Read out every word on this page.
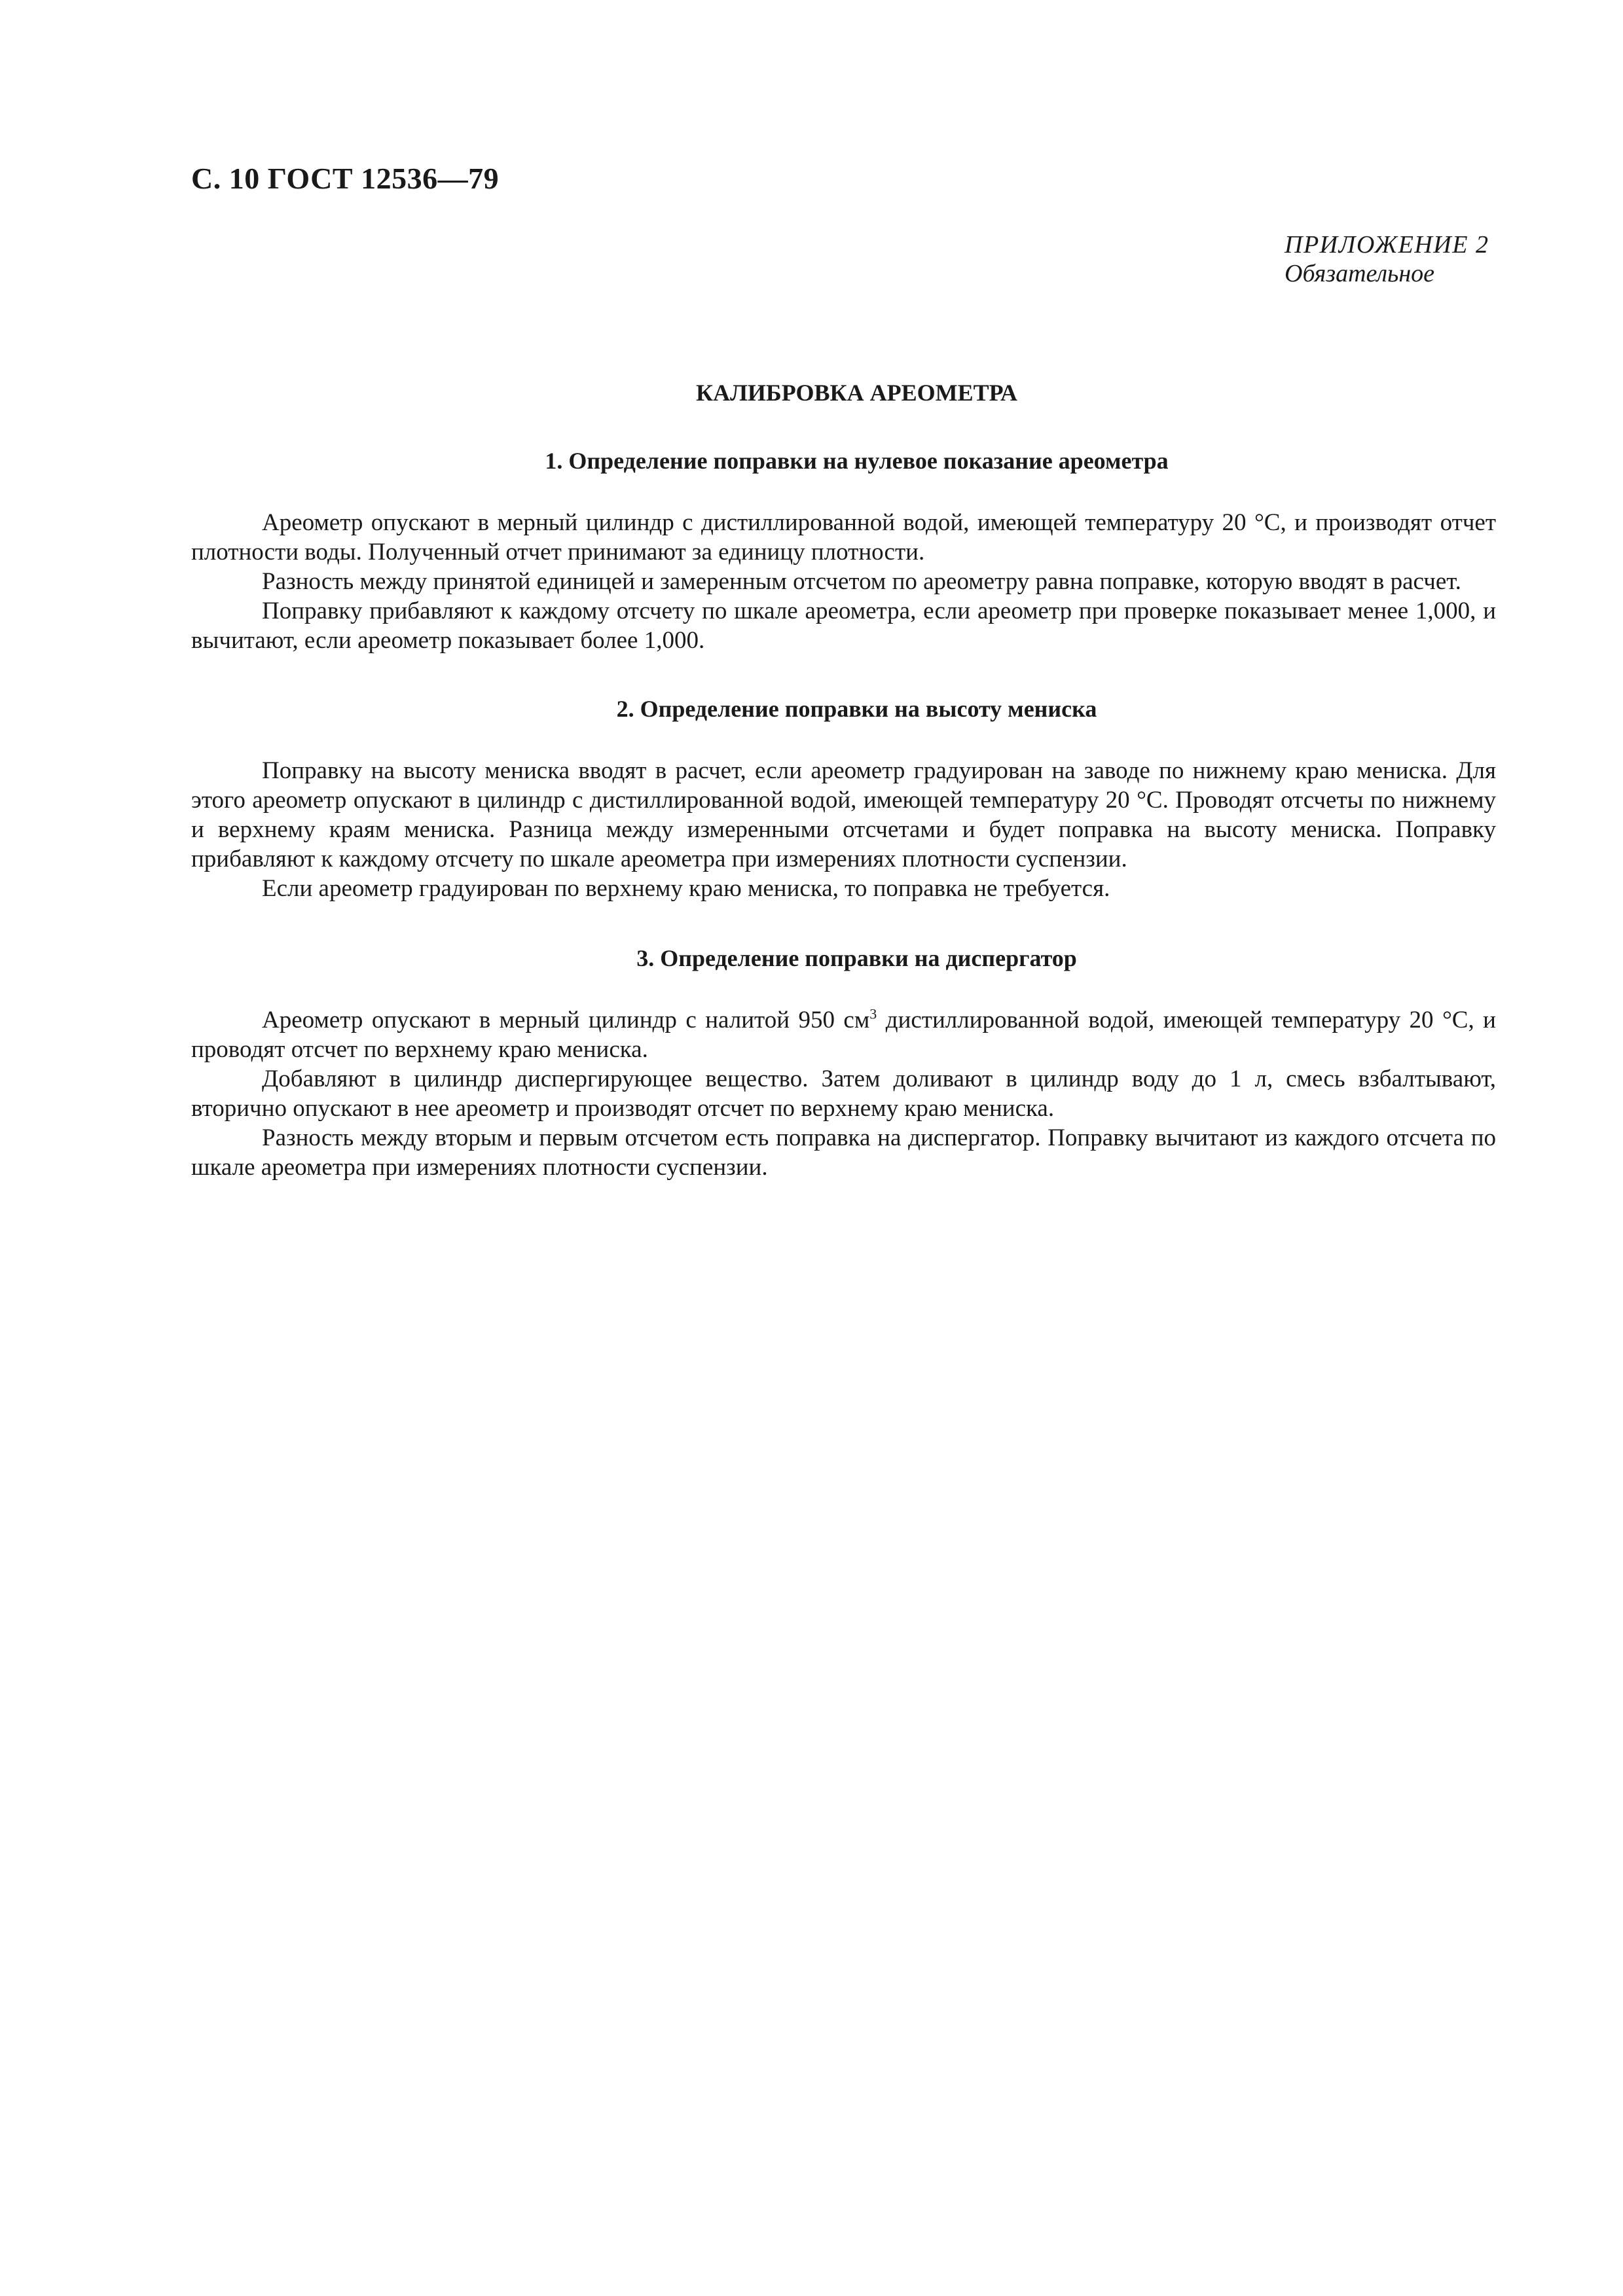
С. 10 ГОСТ 12536—79
ПРИЛОЖЕНИЕ 2
Обязательное
КАЛИБРОВКА АРЕОМЕТРА
1. Определение поправки на нулевое показание ареометра

Ареометр опускают в мерный цилиндр с дистиллированной водой, имеющей температуру 20 °С, и производят отчет плотности воды. Полученный отчет принимают за единицу плотности.

Разность между принятой единицей и замеренным отсчетом по ареометру равна поправке, которую вводят в расчет.

Поправку прибавляют к каждому отсчету по шкале ареометра, если ареометр при проверке показывает менее 1,000, и вычитают, если ареометр показывает более 1,000.

2. Определение поправки на высоту мениска

Поправку на высоту мениска вводят в расчет, если ареометр градуирован на заводе по нижнему краю мениска. Для этого ареометр опускают в цилиндр с дистиллированной водой, имеющей температуру 20 °С. Проводят отсчеты по нижнему и верхнему краям мениска. Разница между измеренными отсчетами и будет поправка на высоту мениска. Поправку прибавляют к каждому отсчету по шкале ареометра при измерениях плотности суспензии.

Если ареометр градуирован по верхнему краю мениска, то поправка не требуется.

3. Определение поправки на диспергатор

Ареометр опускают в мерный цилиндр с налитой 950 $см^3$ дистиллированной водой, имеющей температуру 20 °С, и проводят отсчет по верхнему краю мениска.

Добавляют в цилиндр диспергирующее вещество. Затем доливают в цилиндр воду до 1 л, смесь взбалтывают, вторично опускают в нее ареометр и производят отсчет по верхнему краю мениска.

Разность между вторым и первым отсчетом есть поправка на диспергатор. Поправку вычитают из каждого отсчета по шкале ареометра при измерениях плотности суспензии.
